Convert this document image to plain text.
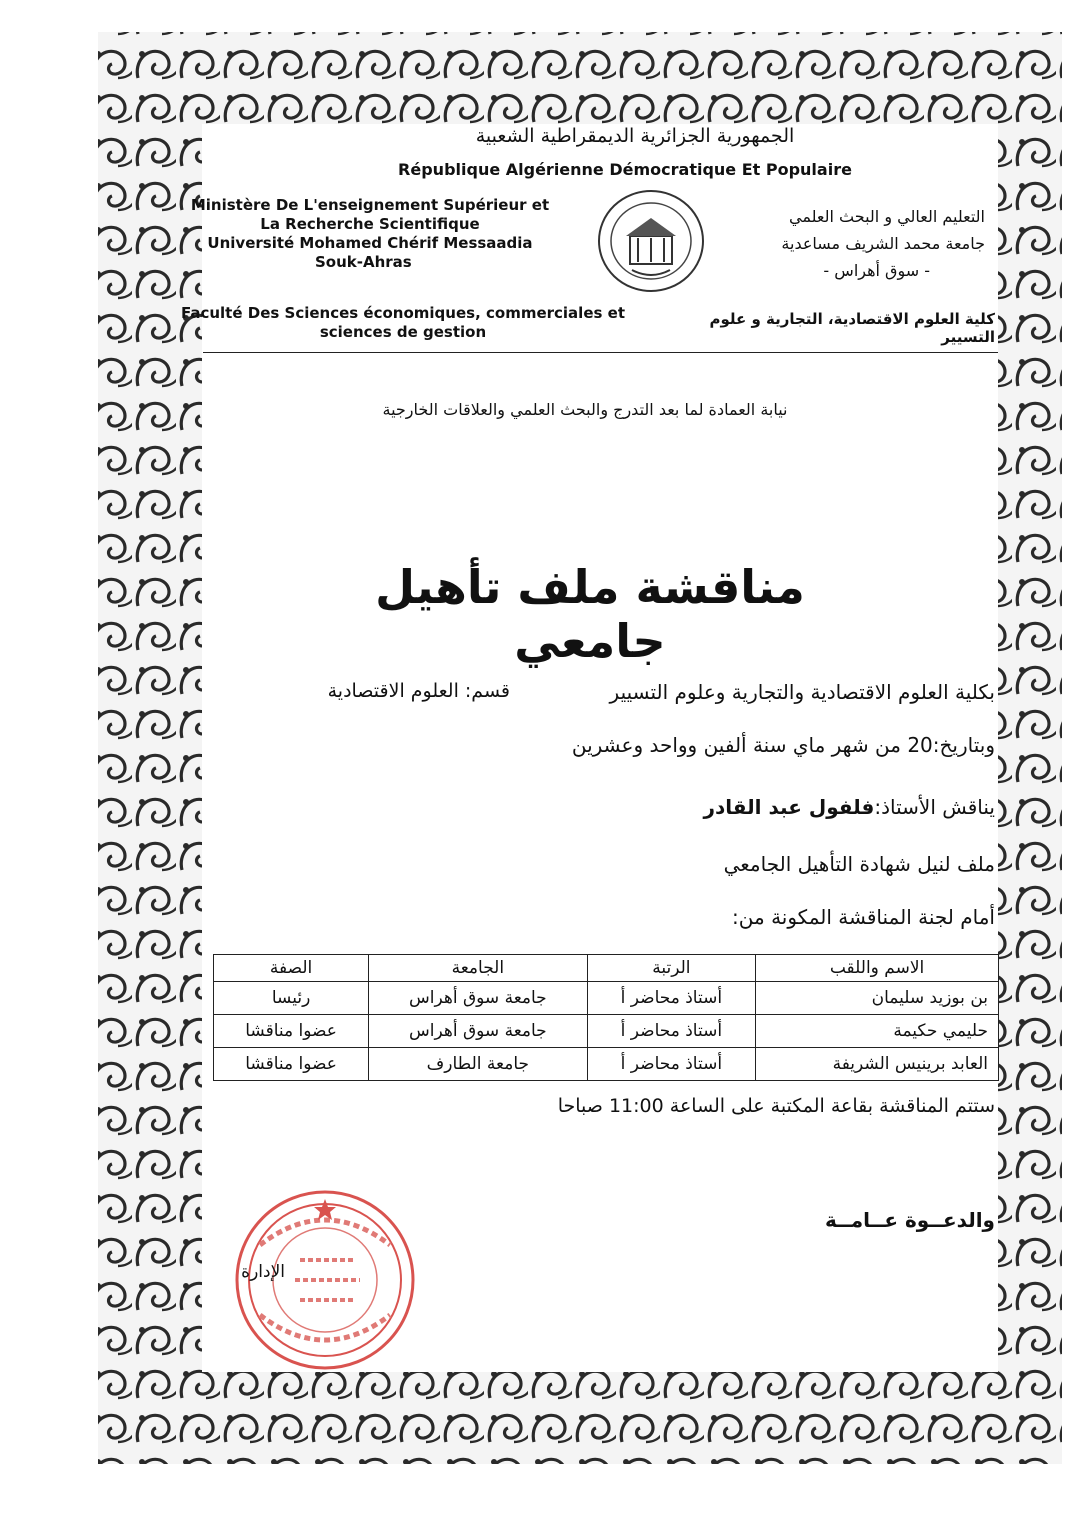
الجمهورية الجزائرية الديمقراطية الشعبية
République Algérienne Démocratique Et Populaire
Ministère De L'enseignement Supérieur et
La Recherche Scientifique
Université Mohamed Chérif Messaadia
Souk-Ahras
Faculté Des Sciences économiques, commerciales et
sciences de gestion
التعليم العالي و البحث العلمي
جامعة محمد الشريف مساعدية
- سوق أهراس -
كلية العلوم الاقتصادية، التجارية و علوم التسيير
نيابة العمادة لما بعد التدرج والبحث العلمي والعلاقات الخارجية
مناقشة ملف تأهيل جامعي
بكلية العلوم الاقتصادية والتجارية وعلوم التسيير
قسم: العلوم الاقتصادية
وبتاريخ:20 من شهر ماي سنة ألفين وواحد وعشرين
يناقش الأستاذ:فلفول عبد القادر
ملف لنيل شهادة التأهيل الجامعي
أمام لجنة المناقشة المكونة من:
الاسم واللقب	الرتبة	الجامعة	الصفة
بن بوزيد سليمان	أستاذ محاضر أ	جامعة سوق أهراس	رئيسا
حليمي حكيمة	أستاذ محاضر أ	جامعة سوق أهراس	عضوا مناقشا
العابد برينيس الشريفة	أستاذ محاضر أ	جامعة الطارف	عضوا مناقشا
ستتم المناقشة بقاعة المكتبة على الساعة 11:00 صباحا
والدعــوة عــامــة
الإدارة
